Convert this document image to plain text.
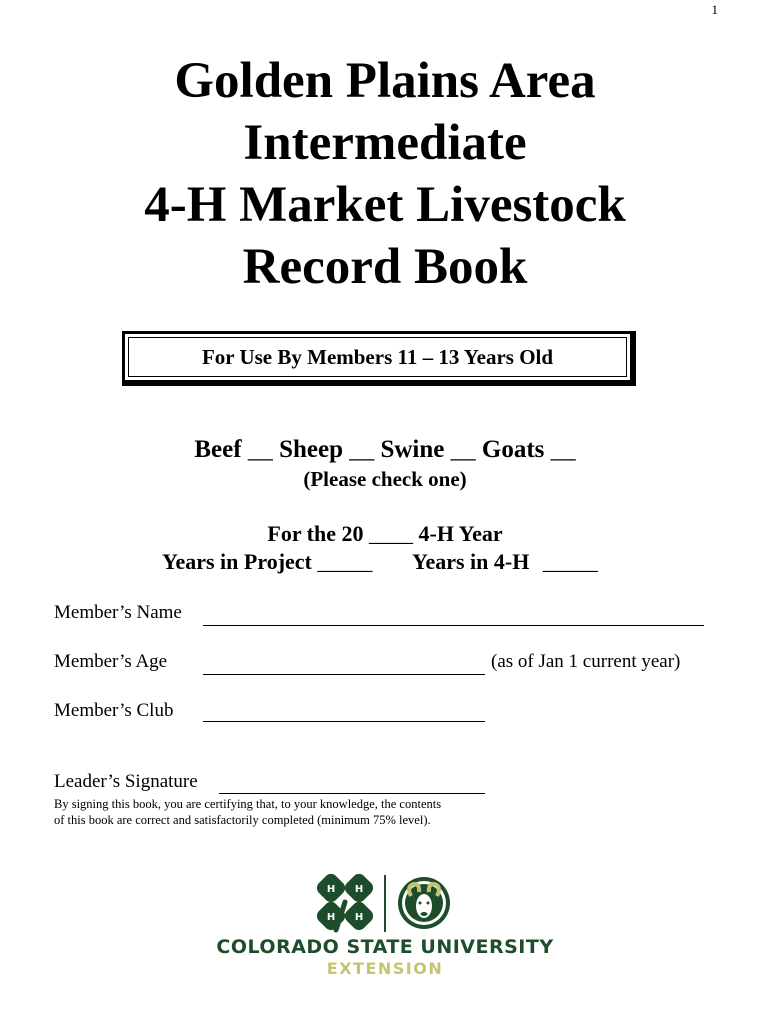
1
Golden Plains Area
Intermediate
4-H Market Livestock
Record Book
For Use By Members 11 – 13 Years Old
Beef __ Sheep __ Swine __ Goats __
(Please check one)
For the 20 ____ 4-H Year
Years in Project _____ Years in 4-H _____
Member’s Name
Member’s Age	(as of Jan 1 current year)
Member’s Club
Leader’s Signature
By signing this book, you are certifying that, to your knowledge, the contents
of this book are correct and satisfactorily completed (minimum 75% level).
H H
H H
COLORADO STATE UNIVERSITY
EXTENSION
